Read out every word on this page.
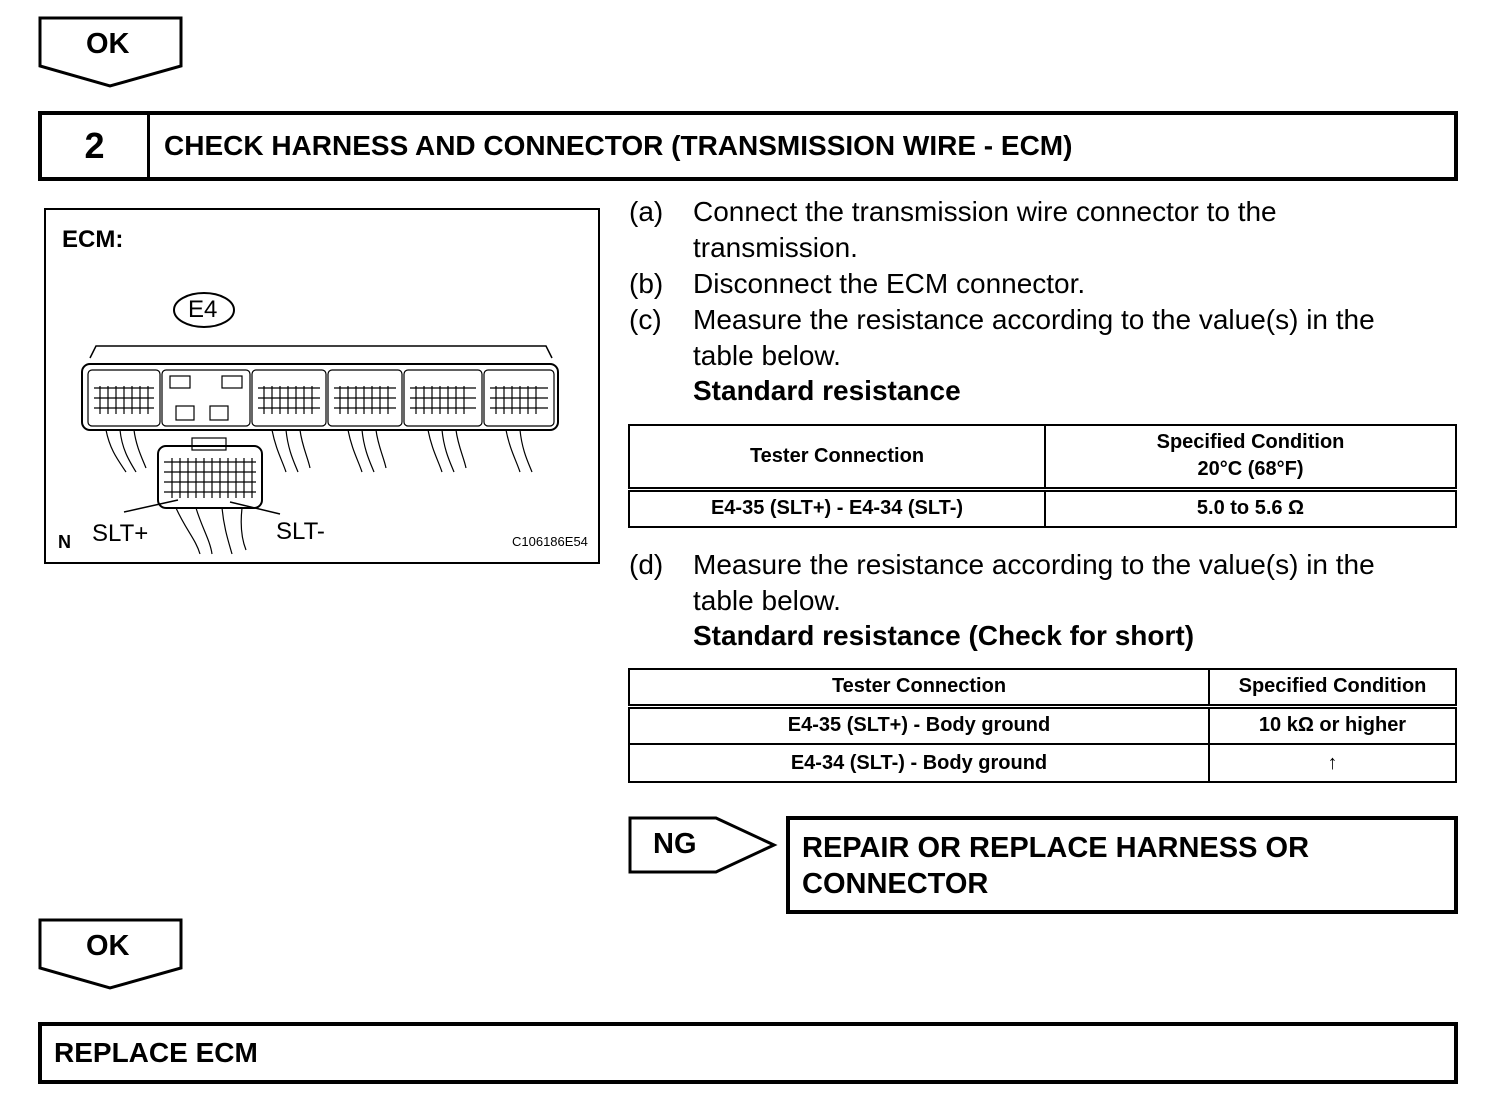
OK
2	CHECK HARNESS AND CONNECTOR (TRANSMISSION WIRE - ECM)
ECM:
E4
SLT+	SLT-
N	C106186E54
(a) Connect the transmission wire connector to the
transmission.
(b) Disconnect the ECM connector.
(c) Measure the resistance according to the value(s) in the
table below.
Standard resistance
Tester Connection	Specified Condition
20°C (68°F)

E4-35 (SLT+) - E4-34 (SLT-)	5.0 to 5.6 Ω
(d) Measure the resistance according to the value(s) in the
table below.
Standard resistance (Check for short)
Tester Connection	Specified Condition
E4-35 (SLT+) - Body ground	10 kΩ or higher
E4-34 (SLT-) - Body ground	↑
NG	REPAIR OR REPLACE HARNESS OR
CONNECTOR
OK
REPLACE ECM
